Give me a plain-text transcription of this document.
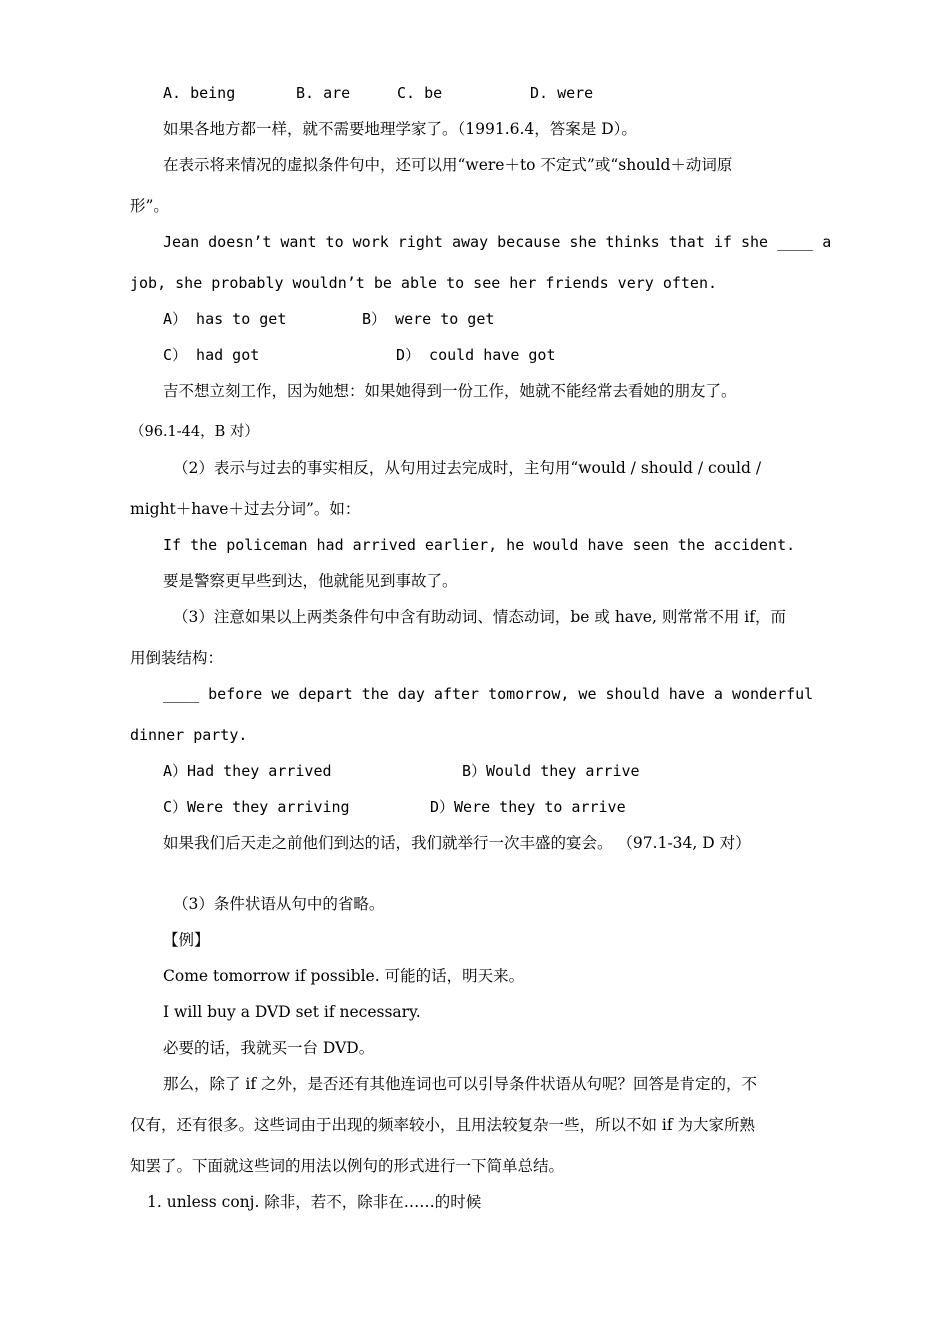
A. being	B. are	C. be	D. were
如果各地方都一样，就不需要地理学家了。（1991.6.4，答案是 D）。
在表示将来情况的虚拟条件句中，还可以用“were＋to 不定式”或“should＋动词原
形”。
Jean doesn’t want to work right away because she thinks that if she ____ a
job, she probably wouldn’t be able to see her friends very often.
A） has to get	B） were to get
C） had got	D） could have got
吉不想立刻工作，因为她想：如果她得到一份工作，她就不能经常去看她的朋友了。
（96.1-44，B 对）
（2）表示与过去的事实相反，从句用过去完成时，主句用“would / should / could /
might＋have＋过去分词”。如：
If the policeman had arrived earlier, he would have seen the accident.
要是警察更早些到达，他就能见到事故了。
（3）注意如果以上两类条件句中含有助动词、情态动词，be 或 have, 则常常不用 if，而
用倒装结构：
____ before we depart the day after tomorrow, we should have a wonderful
dinner party.
A）Had they arrived	B）Would they arrive
C）Were they arriving	D）Were they to arrive
如果我们后天走之前他们到达的话，我们就举行一次丰盛的宴会。 （97.1-34, D 对）
（3）条件状语从句中的省略。
【例】
Come tomorrow if possible. 可能的话，明天来。
I will buy a DVD set if necessary.
必要的话，我就买一台 DVD。
那么，除了 if 之外，是否还有其他连词也可以引导条件状语从句呢？回答是肯定的，不
仅有，还有很多。这些词由于出现的频率较小，且用法较复杂一些，所以不如 if 为大家所熟
知罢了。下面就这些词的用法以例句的形式进行一下简单总结。
1. unless conj. 除非，若不，除非在……的时候
